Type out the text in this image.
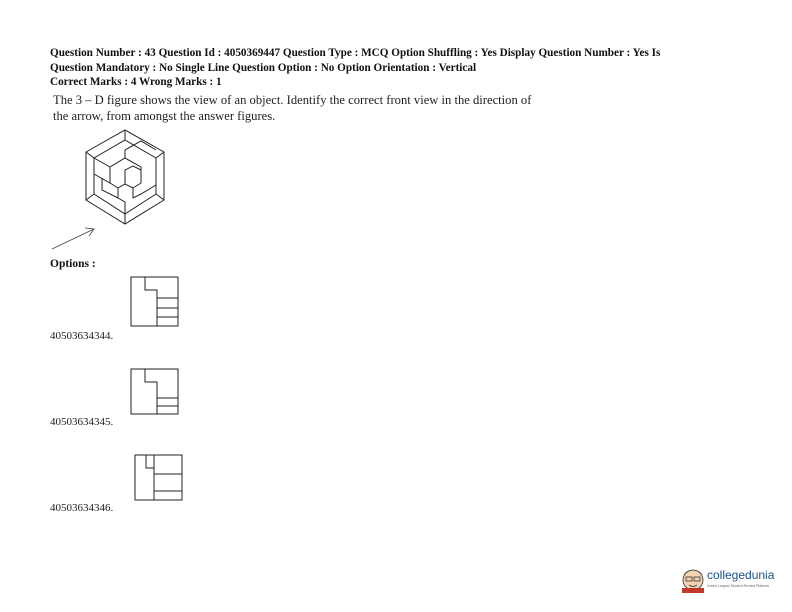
Question Number : 43 Question Id : 4050369447 Question Type : MCQ Option Shuffling : Yes Display Question Number : Yes Is
Question Mandatory : No Single Line Question Option : No Option Orientation : Vertical
Correct Marks : 4 Wrong Marks : 1
The 3 – D figure shows the view of an object. Identify the correct front view in the direction of
the arrow, from amongst the answer figures.
Options :
40503634344.
40503634345.
40503634346.
collegedunia
India's Largest Student Review Platform
